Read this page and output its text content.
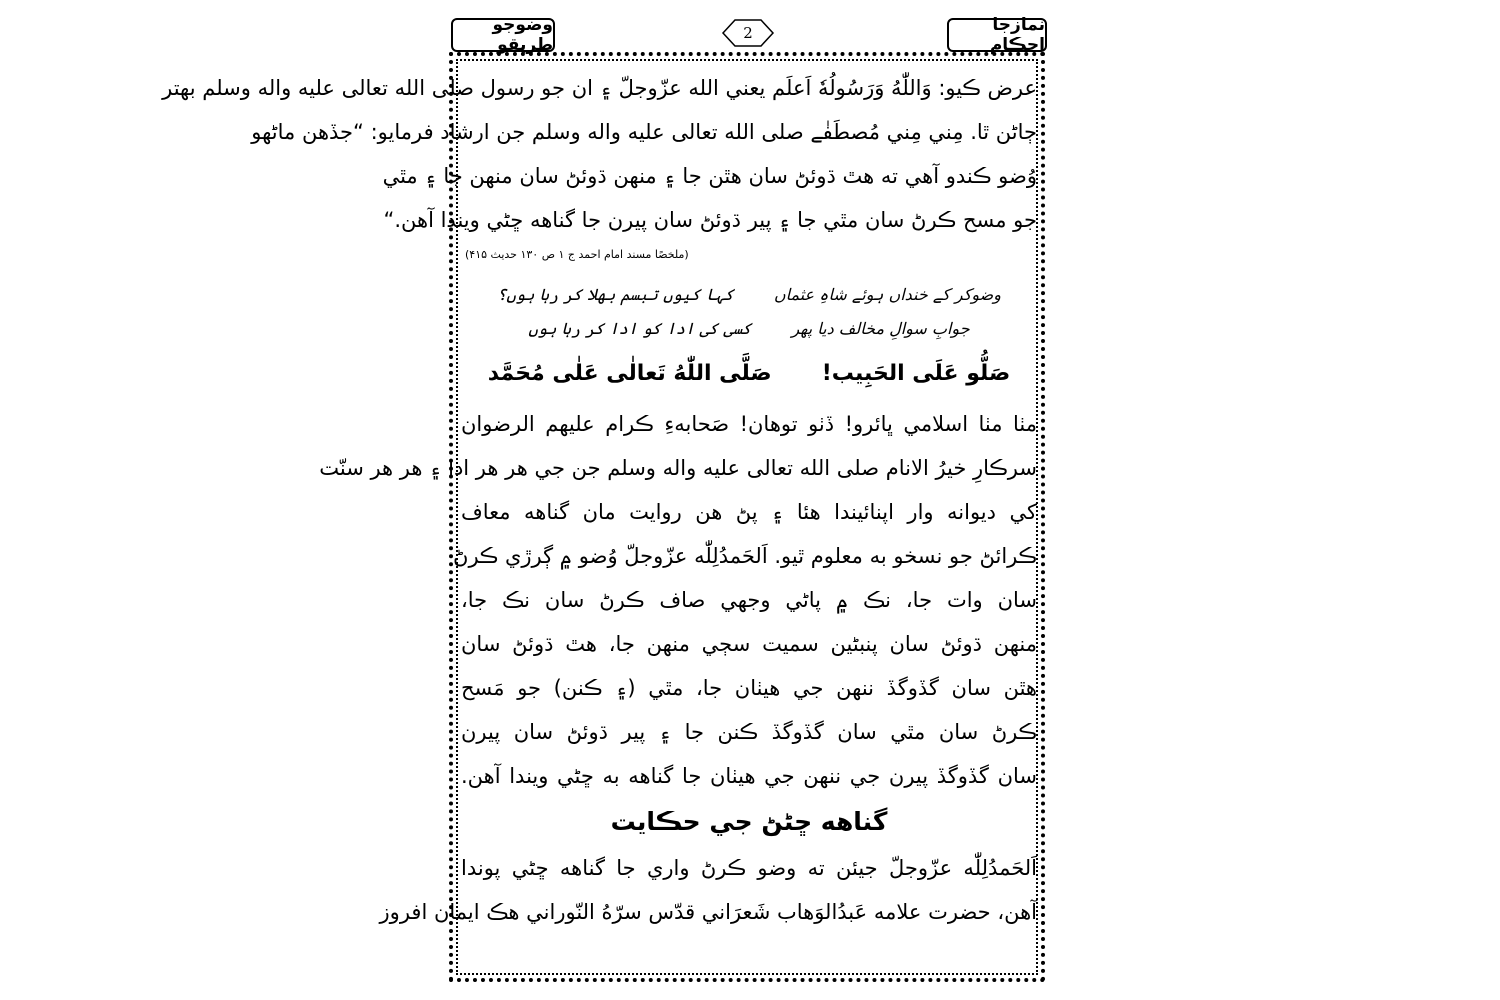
نمازجا احڪام
2
وضوجو طريقو
عرض ڪيو: وَاللّٰهُ وَرَسُولُهٗ اَعلَم يعني الله عزّوجلّ ۽ ان جو رسول صلى الله تعالى عليه واله وسلم بهتر
ڄاڻن ٿا. مِني مِني مُصطَفٰے صلى الله تعالى عليه واله وسلم جن ارشاد فرمايو: “جڏهن ماڻهو
وُضو ڪندو آهي ته هٿ ڌوئڻ سان هٿن جا ۽ منهن ڌوئڻ سان منهن جا ۽ مٿي
جو مسح ڪرڻ سان مٿي جا ۽ پير ڌوئڻ سان پيرن جا گناهه ڇڻي ويندا آهن.“
(ملخصًا مسند امام احمد ج ۱ ص ۱۳۰ حديث ۴۱۵)
وضوکر کے خنداں ہوئے شاہِ عثماں
کہا کیوں تبسم بھلا کر رہا ہوں؟
جوابِ سوالِ مخالف دیا پھر
کسی کی ادا کو ادا کر رہا ہوں
صَلُّو عَلَی الحَبِيب!
صَلَّی اللّٰهُ تَعالٰی عَلٰی مُحَمَّد
مٺا مٺا اسلامي ڀائرو! ڏٺو توهان! صَحابهءِ ڪرام عليهم الرضوان
سرڪارِ خيرُ الانام صلى الله تعالى عليه واله وسلم جن جي هر هر ادا ۽ هر هر سنّت
کي ديوانه وار اپنائيندا هئا ۽ پڻ هن روايت مان گناهه معاف
ڪرائڻ جو نسخو به معلوم ٿيو. اَلحَمدُلِلّٰه عزّوجلّ وُضو ۾ ڳرڙي ڪرڻ
سان وات جا، نڪ ۾ پاڻي وجهي صاف ڪرڻ سان نڪ جا،
منهن ڌوئڻ سان پنبڻين سميت سڄي منهن جا، هٿ ڌوئڻ سان
هٿن سان گڏوگڏ ننهن جي هيٺان جا، مٿي (۽ ڪنن) جو مَسح
ڪرڻ سان مٿي سان گڏوگڏ ڪنن جا ۽ پير ڌوئڻ سان پيرن
سان گڏوگڏ پيرن جي ننهن جي هيٺان جا گناهه به ڇڻي ويندا آهن.
گناهه ڇڻڻ جي حڪايت
اَلحَمدُلِلّٰه عزّوجلّ جيئن ته وضو ڪرڻ واري جا گناهه ڇڻي پوندا
آهن، حضرت علامه عَبدُالوَهاب شَعرَاني قدّس سرّهُ النّوراني هڪ ايمان افروز
